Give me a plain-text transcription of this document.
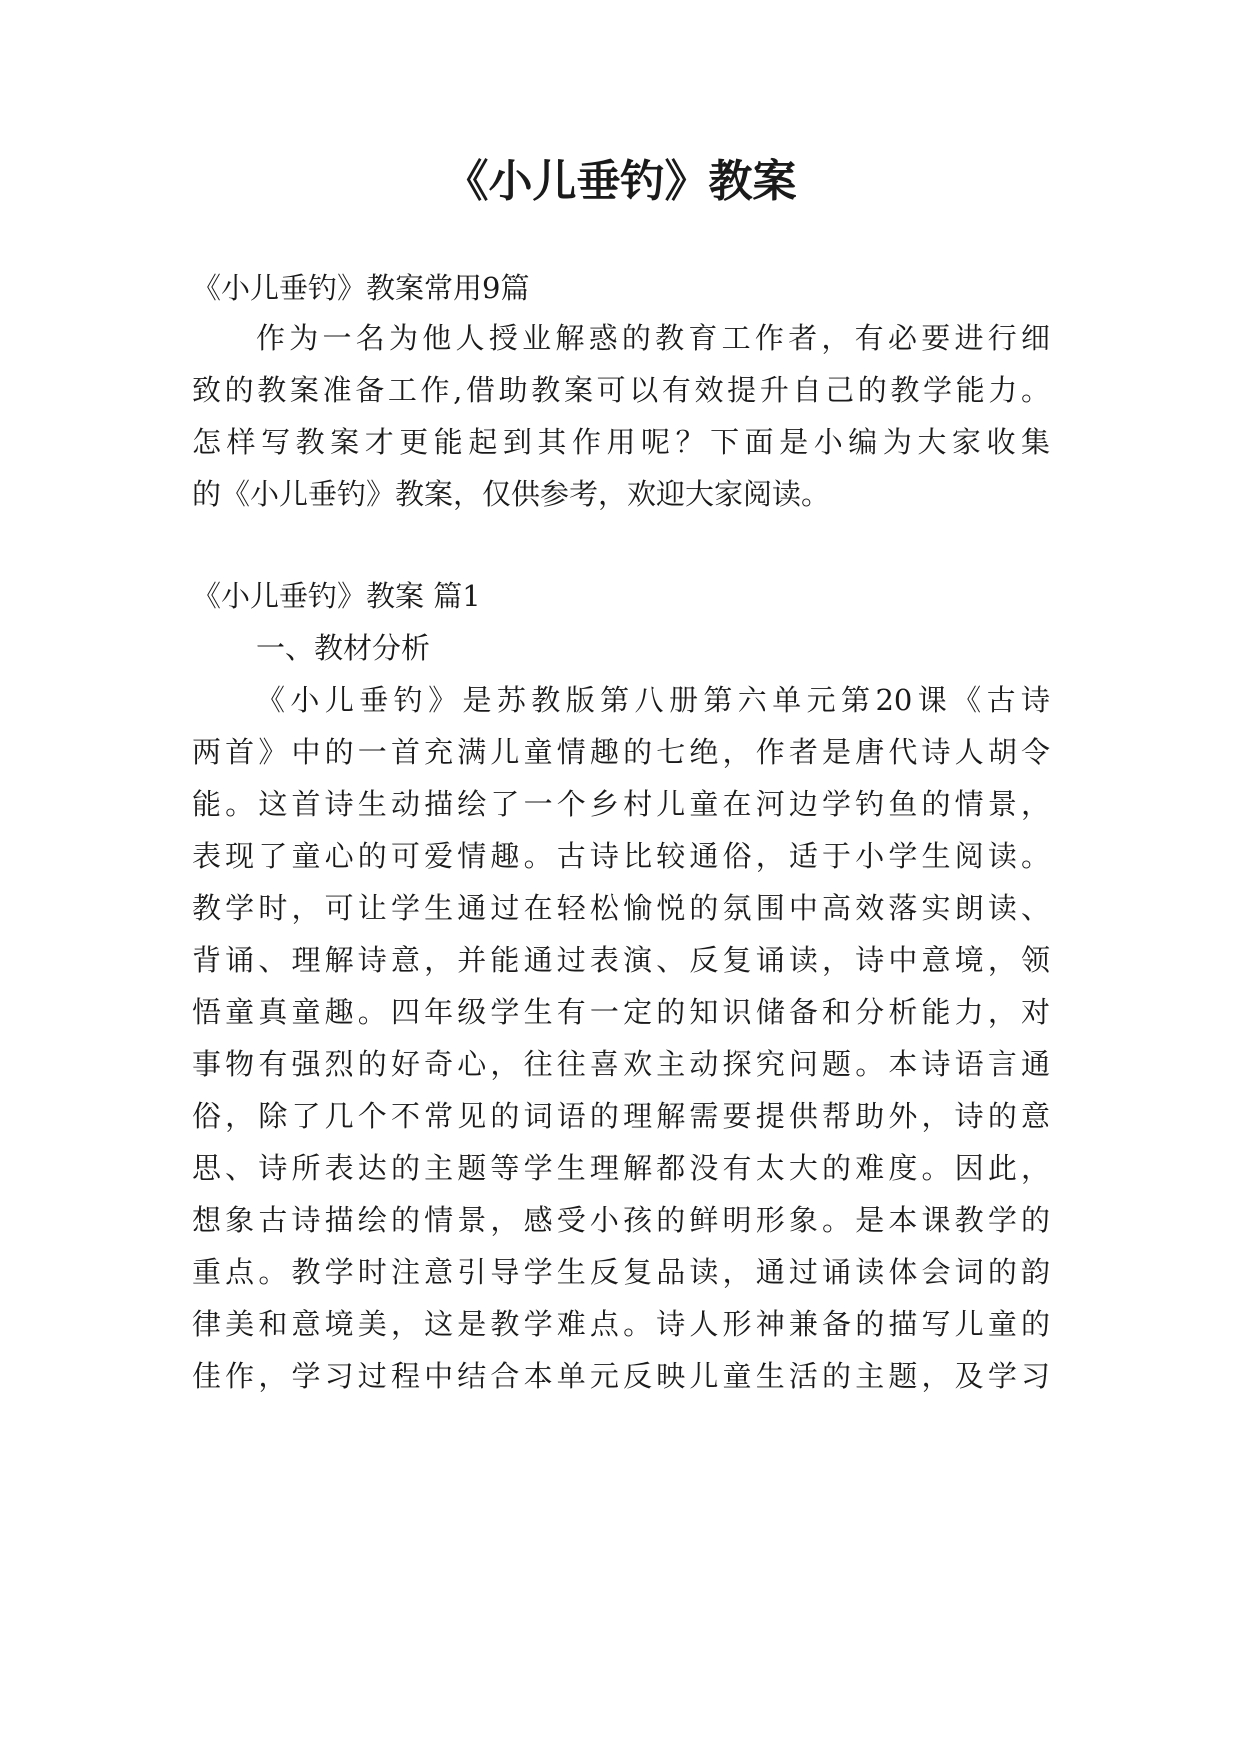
《小儿垂钓》教案

《小儿垂钓》教案常用9篇

作为一名为他人授业解惑的教育工作者，有必要进行细

致的教案准备工作,借助教案可以有效提升自己的教学能力。

怎样写教案才更能起到其作用呢？下面是小编为大家收集

的《小儿垂钓》教案，仅供参考，欢迎大家阅读。

《小儿垂钓》教案 篇1

一、教材分析

《小儿垂钓》是苏教版第八册第六单元第20课《古诗

两首》中的一首充满儿童情趣的七绝，作者是唐代诗人胡令

能。这首诗生动描绘了一个乡村儿童在河边学钓鱼的情景，

表现了童心的可爱情趣。古诗比较通俗，适于小学生阅读。

教学时，可让学生通过在轻松愉悦的氛围中高效落实朗读、

背诵、理解诗意，并能通过表演、反复诵读，诗中意境，领

悟童真童趣。四年级学生有一定的知识储备和分析能力，对

事物有强烈的好奇心，往往喜欢主动探究问题。本诗语言通

俗，除了几个不常见的词语的理解需要提供帮助外，诗的意

思、诗所表达的主题等学生理解都没有太大的难度。因此，

想象古诗描绘的情景，感受小孩的鲜明形象。是本课教学的

重点。教学时注意引导学生反复品读，通过诵读体会词的韵

律美和意境美，这是教学难点。诗人形神兼备的描写儿童的

佳作，学习过程中结合本单元反映儿童生活的主题，及学习
